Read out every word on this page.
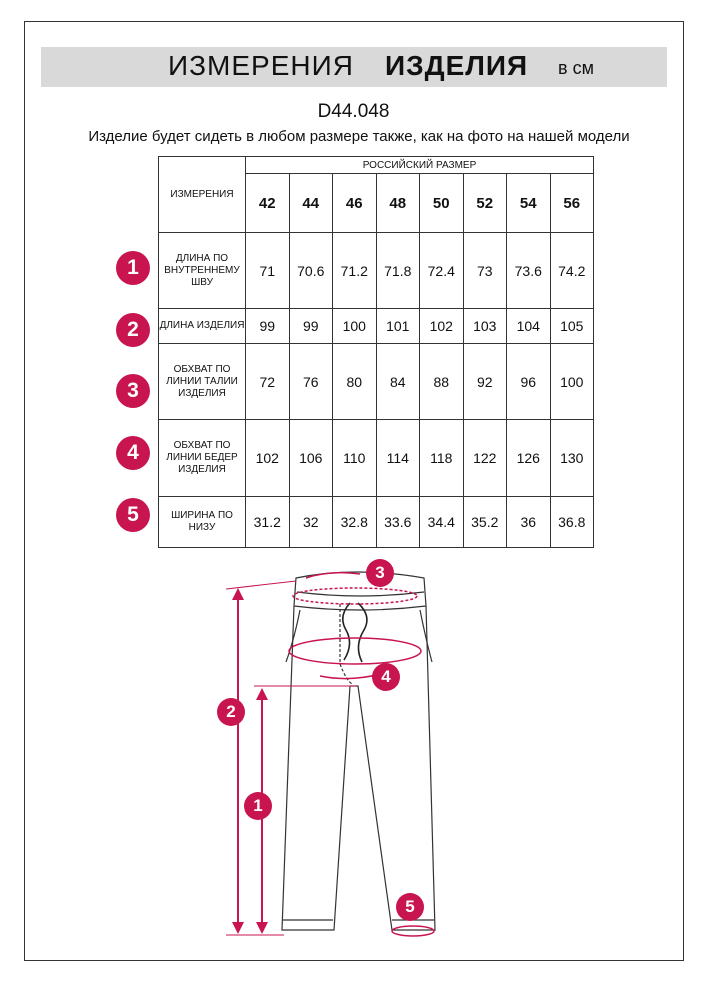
ИЗМЕРЕНИЯ ИЗДЕЛИЯ в см
D44.048
Изделие будет сидеть в любом размере также, как на фото на нашей модели
ИЗМЕРЕНИЯ	РОССИЙСКИЙ РАЗМЕР							
	42	44	46	48	50	52	54	56
ДЛИНА ПО ВНУТРЕННЕМУ ШВУ	71	70.6	71.2	71.8	72.4	73	73.6	74.2
ДЛИНА ИЗДЕЛИЯ	99	99	100	101	102	103	104	105
ОБХВАТ ПО ЛИНИИ ТАЛИИ ИЗДЕЛИЯ	72	76	80	84	88	92	96	100
ОБХВАТ ПО ЛИНИИ БЕДЕР ИЗДЕЛИЯ	102	106	110	114	118	122	126	130
ШИРИНА ПО НИЗУ	31.2	32	32.8	33.6	34.4	35.2	36	36.8
1
2
3
4
5
3
4
2
1
5
